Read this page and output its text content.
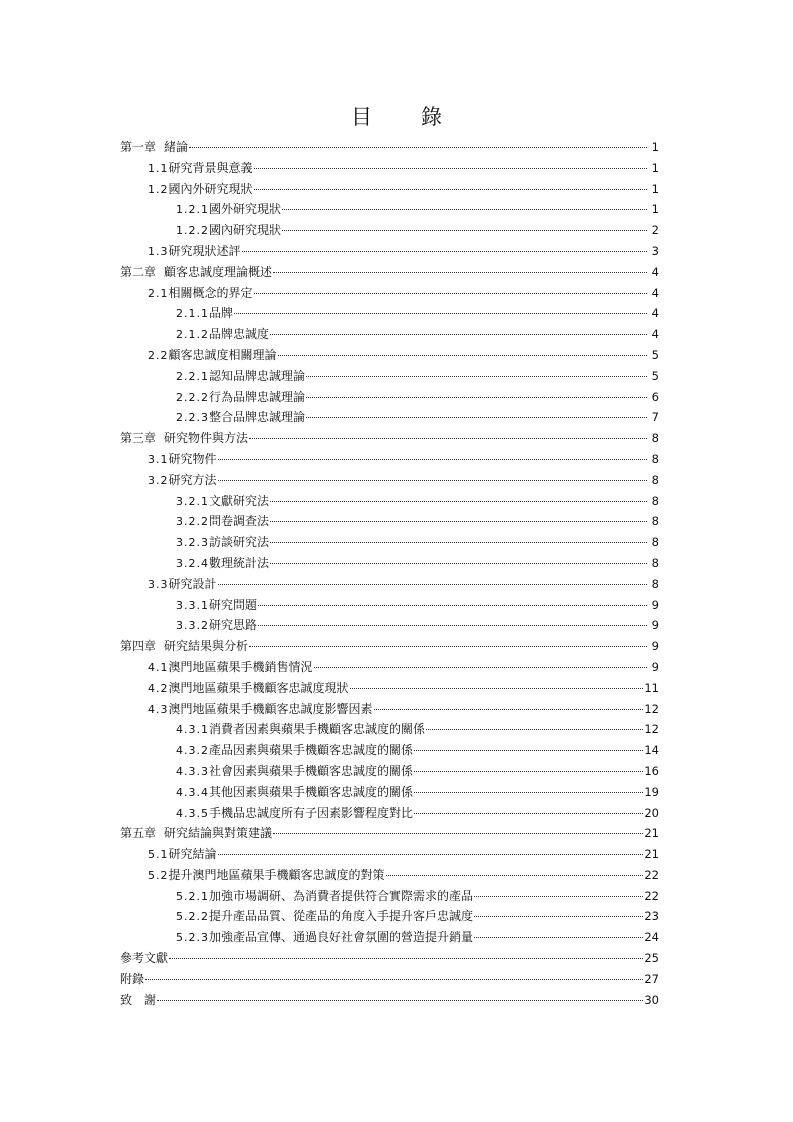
目　錄
第一章 緒論	1
1.1 研究背景與意義	1
1.2 國內外研究現狀	1
1.2.1 國外研究現狀	1
1.2.2 國內研究現狀	2
1.3 研究現狀述評	3
第二章 顧客忠誠度理論概述	4
2.1 相關概念的界定	4
2.1.1 品牌	4
2.1.2 品牌忠誠度	4
2.2 顧客忠誠度相關理論	5
2.2.1 認知品牌忠誠理論	5
2.2.2 行為品牌忠誠理論	6
2.2.3 整合品牌忠誠理論	7
第三章 研究物件與方法	8
3.1 研究物件	8
3.2 研究方法	8
3.2.1 文獻研究法	8
3.2.2 問卷調查法	8
3.2.3 訪談研究法	8
3.2.4 數理統計法	8
3.3 研究設計	8
3.3.1 研究問題	9
3.3.2 研究思路	9
第四章 研究結果與分析	9
4.1 澳門地區蘋果手機銷售情況	9
4.2 澳門地區蘋果手機顧客忠誠度現狀	11
4.3 澳門地區蘋果手機顧客忠誠度影響因素	12
4.3.1 消費者因素與蘋果手機顧客忠誠度的關係	12
4.3.2 產品因素與蘋果手機顧客忠誠度的關係	14
4.3.3 社會因素與蘋果手機顧客忠誠度的關係	16
4.3.4 其他因素與蘋果手機顧客忠誠度的關係	19
4.3.5 手機品忠誠度所有子因素影響程度對比	20
第五章 研究結論與對策建議	21
5.1 研究結論	21
5.2 提升澳門地區蘋果手機顧客忠誠度的對策	22
5.2.1 加強市場調研、為消費者提供符合實際需求的產品	22
5.2.2 提升產品品質、從產品的角度入手提升客戶忠誠度	23
5.2.3 加強產品宣傳、通過良好社會氛圍的營造提升銷量	24
參考文獻	25
附錄	27
致　謝	30
